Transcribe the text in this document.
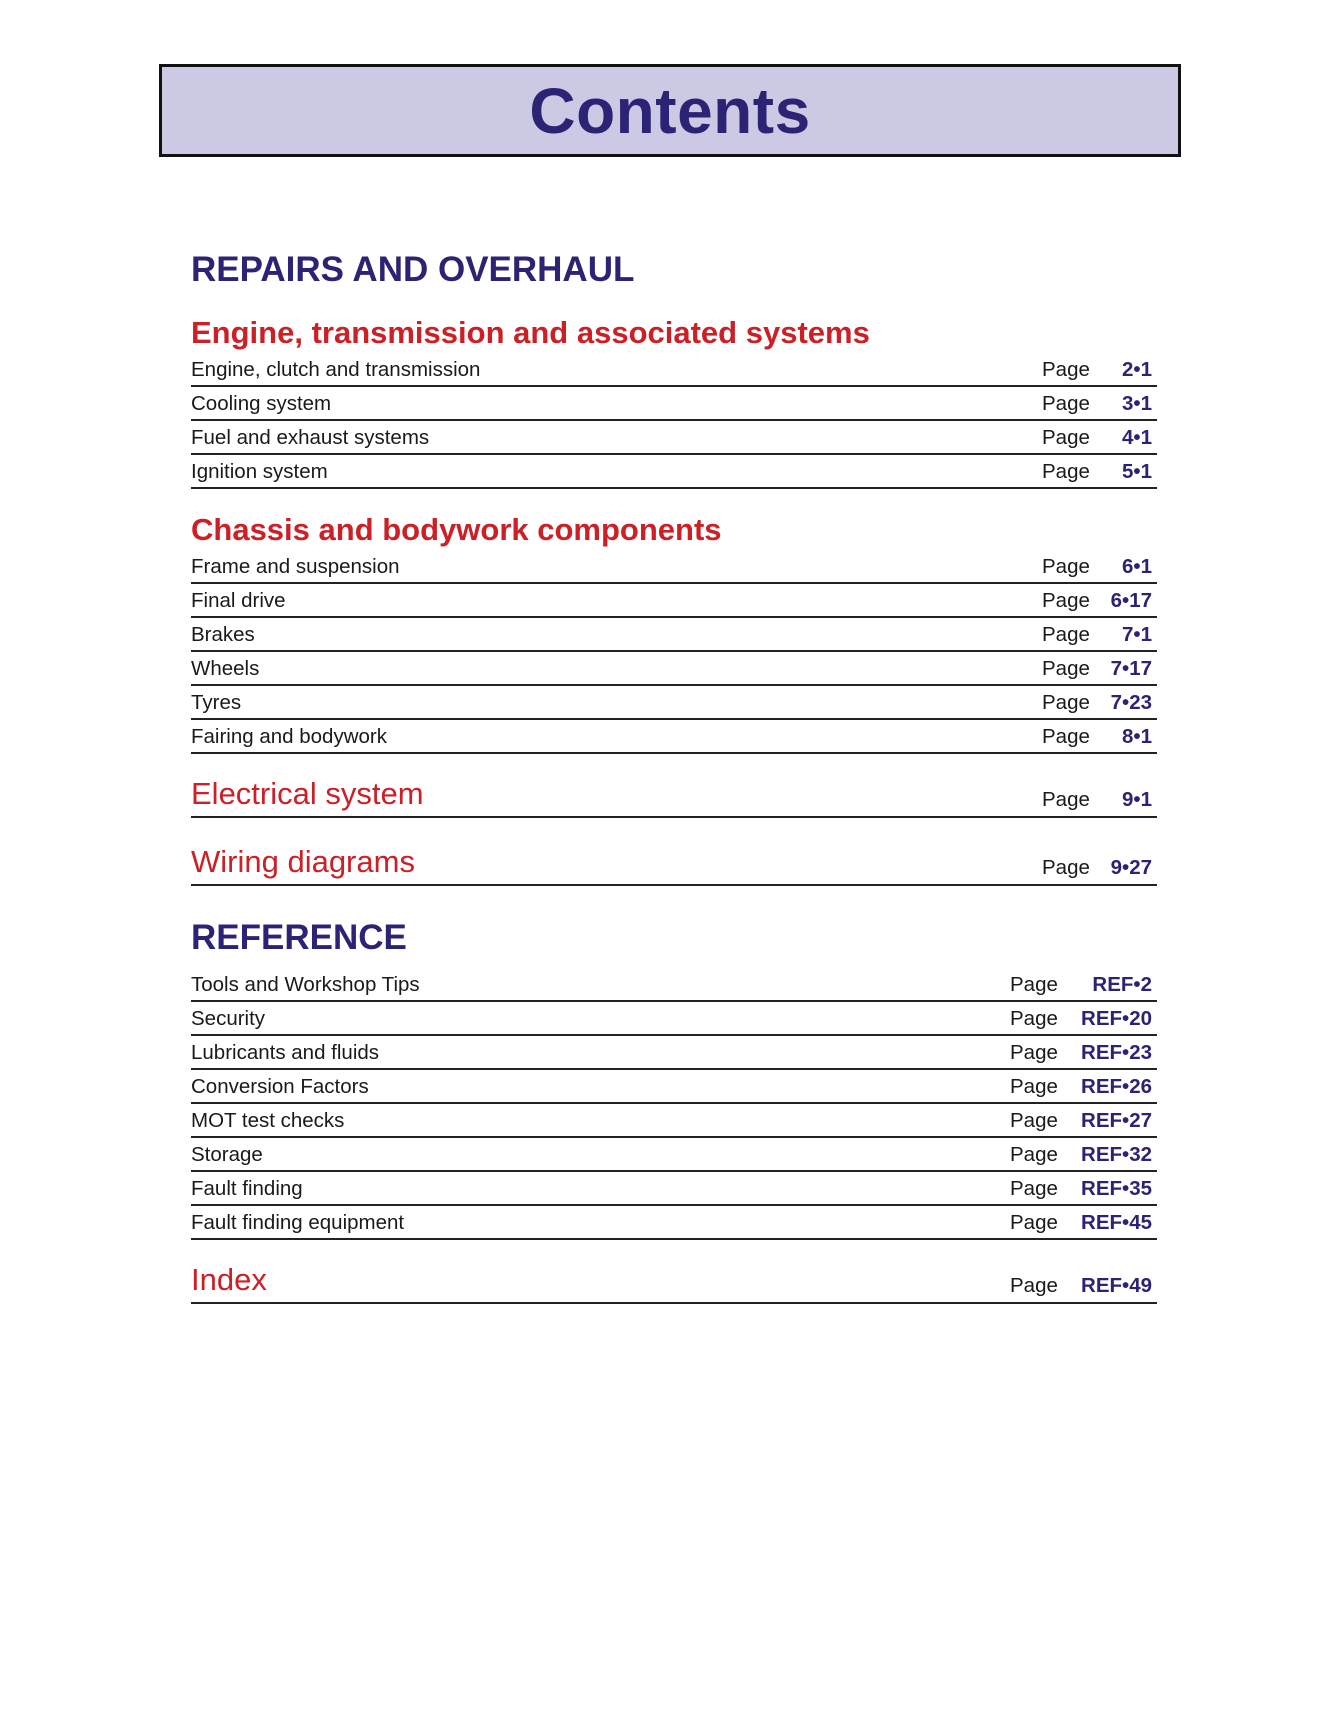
Contents
REPAIRS AND OVERHAUL
Engine, transmission and associated systems
Engine, clutch and transmission	Page 2•1
Cooling system	Page 3•1
Fuel and exhaust systems	Page 4•1
Ignition system	Page 5•1
Chassis and bodywork components
Frame and suspension	Page 6•1
Final drive	Page 6•17
Brakes	Page 7•1
Wheels	Page 7•17
Tyres	Page 7•23
Fairing and bodywork	Page 8•1
Electrical system	Page 9•1
Wiring diagrams	Page 9•27
REFERENCE
Tools and Workshop Tips	Page REF•2
Security	Page REF•20
Lubricants and fluids	Page REF•23
Conversion Factors	Page REF•26
MOT test checks	Page REF•27
Storage	Page REF•32
Fault finding	Page REF•35
Fault finding equipment	Page REF•45
Index	Page REF•49
